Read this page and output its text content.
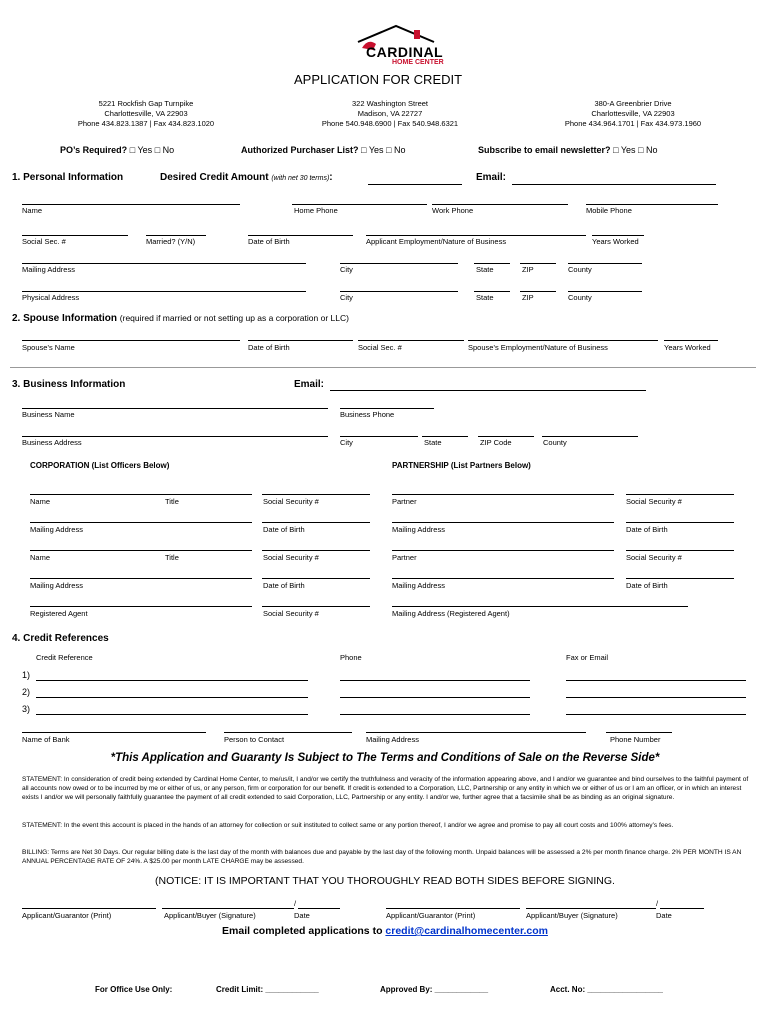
CARDINAL
HOME CENTER
APPLICATION FOR CREDIT
5221 Rockfish Gap Turnpike
Charlottesville, VA 22903
Phone 434.823.1387 | Fax 434.823.1020
322 Washington Street
Madison, VA 22727
Phone 540.948.6900 | Fax 540.948.6321
380-A Greenbrier Drive
Charlottesville, VA 22903
Phone 434.964.1701 | Fax 434.973.1960
PO’s Required? □ Yes □ No	Authorized Purchaser List? □ Yes □ No	Subscribe to email newsletter? □ Yes □ No
1. Personal Information	Desired Credit Amount (with net 30 terms):	Email:
Name	Home Phone	Work Phone	Mobile Phone
Social Sec. #	Married? (Y/N)	Date of Birth	Applicant Employment/Nature of Business	Years Worked
Mailing Address	City	State	ZIP	County
Physical Address	City	State	ZIP	County
2. Spouse Information (required if married or not setting up as a corporation or LLC)
Spouse’s Name	Date of Birth	Social Sec. #	Spouse’s Employment/Nature of Business	Years Worked
3. Business Information	Email:
Business Name	Business Phone
Business Address	City	State	ZIP Code	County
CORPORATION (List Officers Below)	PARTNERSHIP (List Partners Below)
Name	Title	Social Security #	Partner	Social Security #
Mailing Address	Date of Birth	Mailing Address	Date of Birth
Name	Title	Social Security #	Partner	Social Security #
Mailing Address	Date of Birth	Mailing Address	Date of Birth
Registered Agent	Social Security #	Mailing Address (Registered Agent)
4. Credit References
Credit Reference	Phone	Fax or Email
1)
2)
3)
Name of Bank	Person to Contact	Mailing Address	Phone Number
*This Application and Guaranty Is Subject to The Terms and Conditions of Sale on the Reverse Side*
STATEMENT: In consideration of credit being extended by Cardinal Home Center, to me/us/it, I and/or we certify the truthfulness and veracity of the information appearing above, and I and/or we guarantee and bind ourselves to the faithful payment of all accounts now owed or to be incurred by me or either of us, or any person, firm or corporation for our benefit. If credit is extended to a Corporation, LLC, Partnership or any entity in which we or either of us or I am an officer, or in which an interest exists I and/or we will personally faithfully guarantee the payment of all credit extended to said Corporation, LLC, Partnership or any entity. I and/or we, further agree that a facsimile shall be as binding as an original signature.
STATEMENT: In the event this account is placed in the hands of an attorney for collection or suit instituted to collect same or any portion thereof, I and/or we agree and promise to pay all court costs and 100% attorney’s fees.
BILLING: Terms are Net 30 Days. Our regular billing date is the last day of the month with balances due and payable by the last day of the following month. Unpaid balances will be assessed a 2% per month finance charge. 2% PER MONTH IS AN ANNUAL PERCENTAGE RATE OF 24%. A $25.00 per month LATE CHARGE may be assessed.
(NOTICE: IT IS IMPORTANT THAT YOU THOROUGHLY READ BOTH SIDES BEFORE SIGNING.
/	/
Applicant/Guarantor (Print)	Applicant/Buyer (Signature)	Date	Applicant/Guarantor (Print)	Applicant/Buyer (Signature)	Date
Email completed applications to credit@cardinalhomecenter.com
For Office Use Only:	Credit Limit: ____________	Approved By: ____________	Acct. No: _________________
